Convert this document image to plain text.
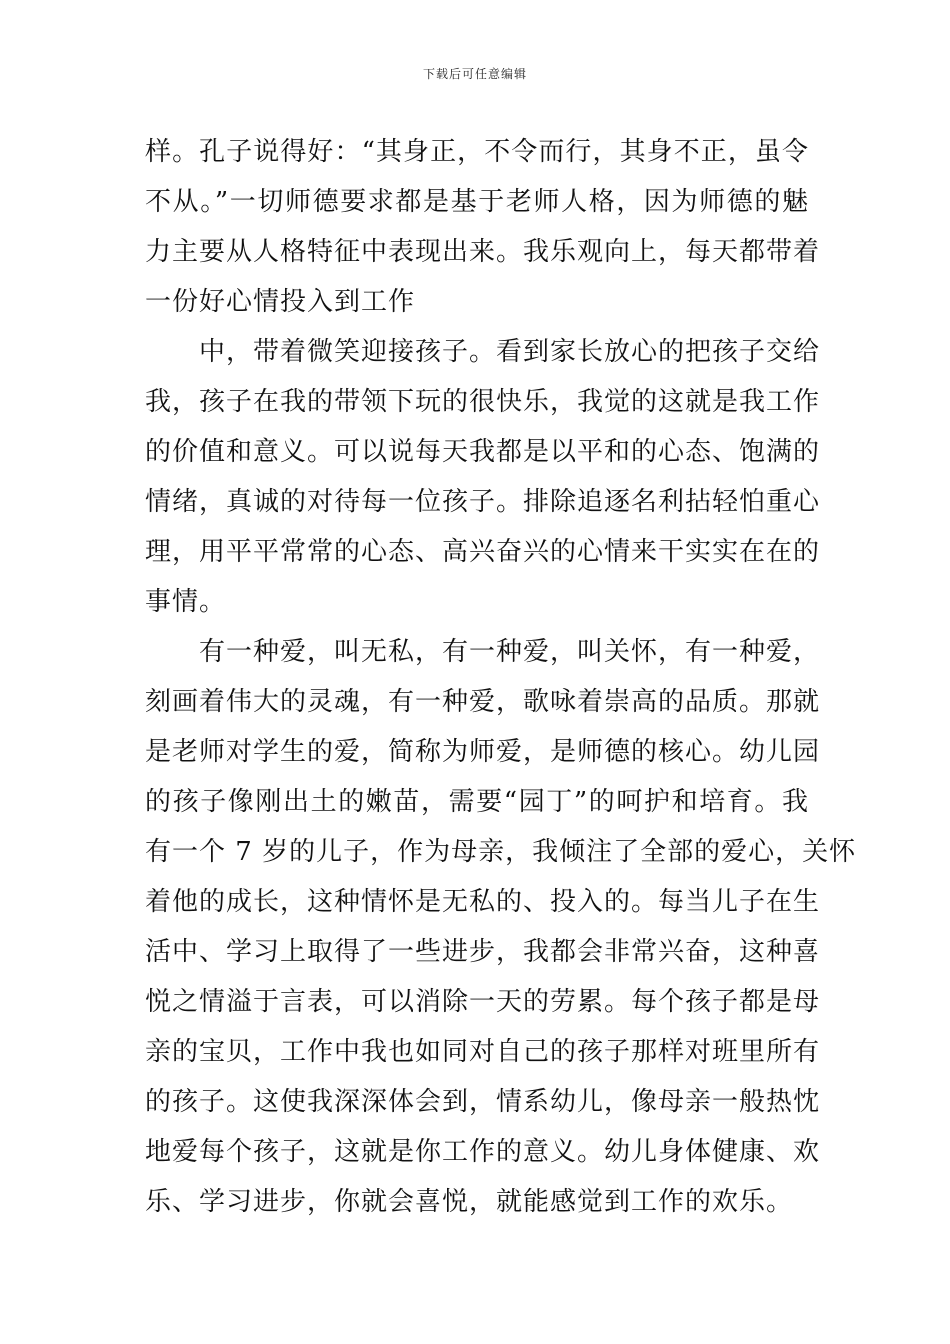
下载后可任意编辑
样。孔子说得好：“其身正，不令而行，其身不正，虽令
不从。”一切师德要求都是基于老师人格，因为师德的魅
力主要从人格特征中表现出来。我乐观向上，每天都带着
一份好心情投入到工作
中，带着微笑迎接孩子。看到家长放心的把孩子交给
我，孩子在我的带领下玩的很快乐，我觉的这就是我工作
的价值和意义。可以说每天我都是以平和的心态、饱满的
情绪，真诚的对待每一位孩子。排除追逐名利拈轻怕重心
理，用平平常常的心态、高兴奋兴的心情来干实实在在的
事情。
有一种爱，叫无私，有一种爱，叫关怀，有一种爱，
刻画着伟大的灵魂，有一种爱，歌咏着崇高的品质。那就
是老师对学生的爱，简称为师爱，是师德的核心。幼儿园
的孩子像刚出土的嫩苗，需要“园丁”的呵护和培育。我
有一个 7 岁的儿子，作为母亲，我倾注了全部的爱心，关怀
着他的成长，这种情怀是无私的、投入的。每当儿子在生
活中、学习上取得了一些进步，我都会非常兴奋，这种喜
悦之情溢于言表，可以消除一天的劳累。每个孩子都是母
亲的宝贝，工作中我也如同对自己的孩子那样对班里所有
的孩子。这使我深深体会到，情系幼儿，像母亲一般热忱
地爱每个孩子，这就是你工作的意义。幼儿身体健康、欢
乐、学习进步，你就会喜悦，就能感觉到工作的欢乐。
